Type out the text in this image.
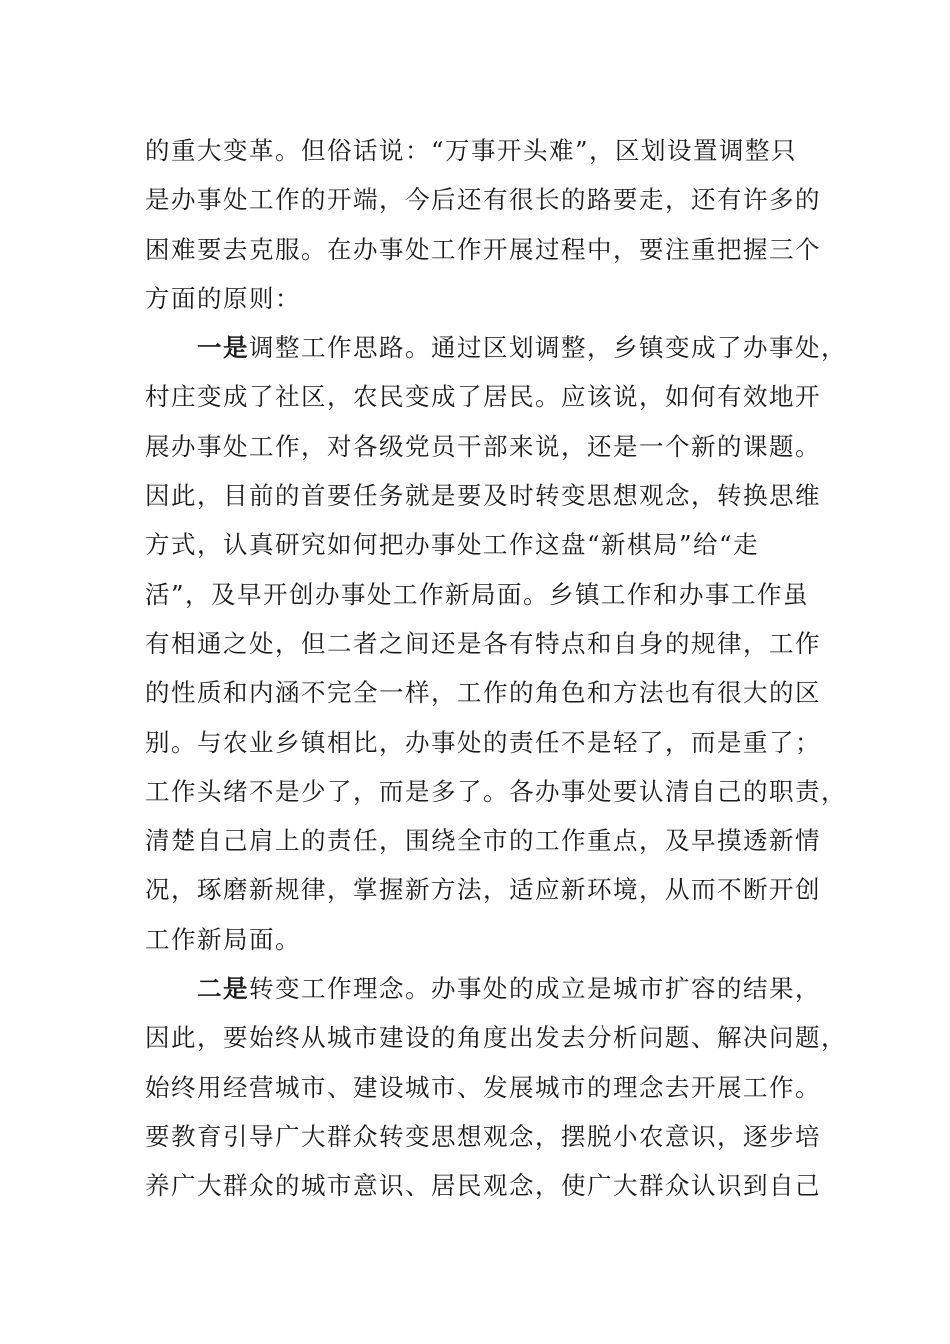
的重大变革。但俗话说：“万事开头难”，区划设置调整只
是办事处工作的开端，今后还有很长的路要走，还有许多的
困难要去克服。在办事处工作开展过程中，要注重把握三个
方面的原则：
一是调整工作思路。通过区划调整，乡镇变成了办事处，
村庄变成了社区，农民变成了居民。应该说，如何有效地开
展办事处工作，对各级党员干部来说，还是一个新的课题。
因此，目前的首要任务就是要及时转变思想观念，转换思维
方式，认真研究如何把办事处工作这盘“新棋局”给“走
活”，及早开创办事处工作新局面。乡镇工作和办事工作虽
有相通之处，但二者之间还是各有特点和自身的规律，工作
的性质和内涵不完全一样，工作的角色和方法也有很大的区
别。与农业乡镇相比，办事处的责任不是轻了，而是重了；
工作头绪不是少了，而是多了。各办事处要认清自己的职责，
清楚自己肩上的责任，围绕全市的工作重点，及早摸透新情
况，琢磨新规律，掌握新方法，适应新环境，从而不断开创
工作新局面。
二是转变工作理念。办事处的成立是城市扩容的结果，
因此，要始终从城市建设的角度出发去分析问题、解决问题，
始终用经营城市、建设城市、发展城市的理念去开展工作。
要教育引导广大群众转变思想观念，摆脱小农意识，逐步培
养广大群众的城市意识、居民观念，使广大群众认识到自己
